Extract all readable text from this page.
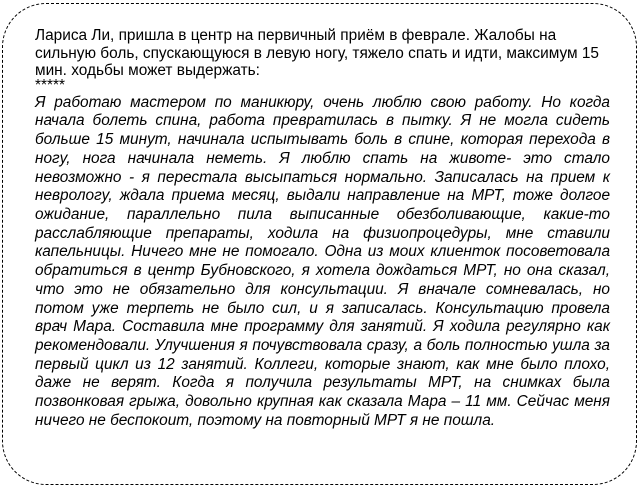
Лариса Ли, пришла в центр на первичный приём в феврале. Жалобы на сильную боль, спускающуюся в левую ногу, тяжело спать и идти, максимум 15 мин. ходьбы может выдержать:

*****

Я работаю мастером по маникюру, очень люблю свою работу. Но когда начала болеть спина, работа превратилась в пытку. Я не могла сидеть больше 15 минут, начинала испытывать боль в спине, которая перехода в ногу, нога начинала неметь. Я люблю спать на животе- это стало невозможно - я перестала высыпаться нормально. Записалась на прием к неврологу, ждала приема месяц, выдали направление на МРТ, тоже долгое ожидание, параллельно пила выписанные обезболивающие, какие-то расслабляющие препараты, ходила на физиопроцедуры, мне ставили капельницы. Ничего мне не помогало. Одна из моих клиенток посоветовала обратиться в центр Бубновского, я хотела дождаться МРТ, но она сказал, что это не обязательно для консультации. Я вначале сомневалась, но потом уже терпеть не было сил, и я записалась. Консультацию провела врач Мара. Составила мне программу для занятий. Я ходила регулярно как рекомендовали. Улучшения я почувствовала сразу, а боль полностью ушла за первый цикл из 12 занятий. Коллеги, которые знают, как мне было плохо, даже не верят. Когда я получила результаты МРТ, на снимках была позвонковая грыжа, довольно крупная как сказала Мара – 11 мм. Сейчас меня ничего не беспокоит, поэтому на повторный МРТ я не пошла.
